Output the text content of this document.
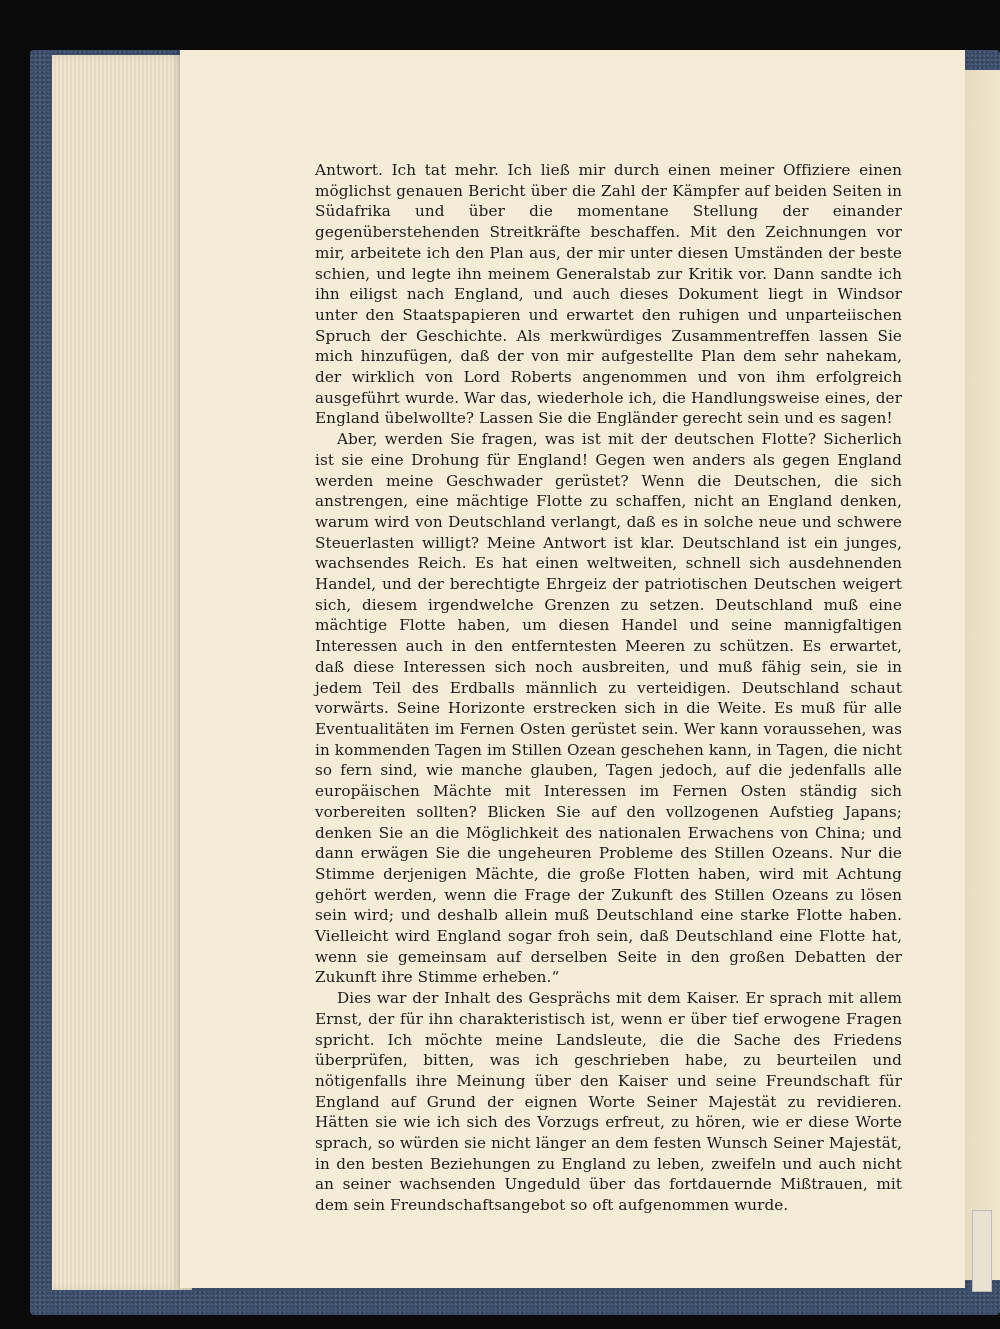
Antwort. Ich tat mehr. Ich ließ mir durch einen meiner Offiziere einen möglichst genauen Bericht über die Zahl der Kämpfer auf beiden Seiten in Südafrika und über die momentane Stellung der einander gegenüberstehenden Streitkräfte beschaffen. Mit den Zeichnungen vor mir, arbeitete ich den Plan aus, der mir unter diesen Umständen der beste schien, und legte ihn meinem Generalstab zur Kritik vor. Dann sandte ich ihn eiligst nach England, und auch dieses Dokument liegt in Windsor unter den Staatspapieren und erwartet den ruhigen und unparteiischen Spruch der Geschichte. Als merkwürdiges Zusammentreffen lassen Sie mich hinzufügen, daß der von mir aufgestellte Plan dem sehr nahekam, der wirklich von Lord Roberts angenommen und von ihm erfolgreich ausgeführt wurde. War das, wiederhole ich, die Handlungsweise eines, der England übelwollte? Lassen Sie die Engländer gerecht sein und es sagen!

Aber, werden Sie fragen, was ist mit der deutschen Flotte? Sicherlich ist sie eine Drohung für England! Gegen wen anders als gegen England werden meine Geschwader gerüstet? Wenn die Deutschen, die sich anstrengen, eine mächtige Flotte zu schaffen, nicht an England denken, warum wird von Deutschland verlangt, daß es in solche neue und schwere Steuerlasten willigt? Meine Antwort ist klar. Deutschland ist ein junges, wachsendes Reich. Es hat einen weltweiten, schnell sich ausdehnenden Handel, und der berechtigte Ehrgeiz der patriotischen Deutschen weigert sich, diesem irgendwelche Grenzen zu setzen. Deutschland muß eine mächtige Flotte haben, um diesen Handel und seine mannigfaltigen Interessen auch in den entferntesten Meeren zu schützen. Es erwartet, daß diese Interessen sich noch ausbreiten, und muß fähig sein, sie in jedem Teil des Erdballs männlich zu verteidigen. Deutschland schaut vorwärts. Seine Horizonte erstrecken sich in die Weite. Es muß für alle Eventualitäten im Fernen Osten gerüstet sein. Wer kann voraussehen, was in kommenden Tagen im Stillen Ozean geschehen kann, in Tagen, die nicht so fern sind, wie manche glauben, Tagen jedoch, auf die jedenfalls alle europäischen Mächte mit Interessen im Fernen Osten ständig sich vorbereiten sollten? Blicken Sie auf den vollzogenen Aufstieg Japans; denken Sie an die Möglichkeit des nationalen Erwachens von China; und dann erwägen Sie die ungeheuren Probleme des Stillen Ozeans. Nur die Stimme derjenigen Mächte, die große Flotten haben, wird mit Achtung gehört werden, wenn die Frage der Zukunft des Stillen Ozeans zu lösen sein wird; und deshalb allein muß Deutschland eine starke Flotte haben. Vielleicht wird England sogar froh sein, daß Deutschland eine Flotte hat, wenn sie gemeinsam auf derselben Seite in den großen Debatten der Zukunft ihre Stimme erheben.“

Dies war der Inhalt des Gesprächs mit dem Kaiser. Er sprach mit allem Ernst, der für ihn charakteristisch ist, wenn er über tief erwogene Fragen spricht. Ich möchte meine Landsleute, die die Sache des Friedens überprüfen, bitten, was ich geschrieben habe, zu beurteilen und nötigenfalls ihre Meinung über den Kaiser und seine Freundschaft für England auf Grund der eignen Worte Seiner Majestät zu revidieren. Hätten sie wie ich sich des Vorzugs erfreut, zu hören, wie er diese Worte sprach, so würden sie nicht länger an dem festen Wunsch Seiner Majestät, in den besten Beziehungen zu England zu leben, zweifeln und auch nicht an seiner wachsenden Ungeduld über das fortdauernde Mißtrauen, mit dem sein Freundschaftsangebot so oft aufgenommen wurde.
